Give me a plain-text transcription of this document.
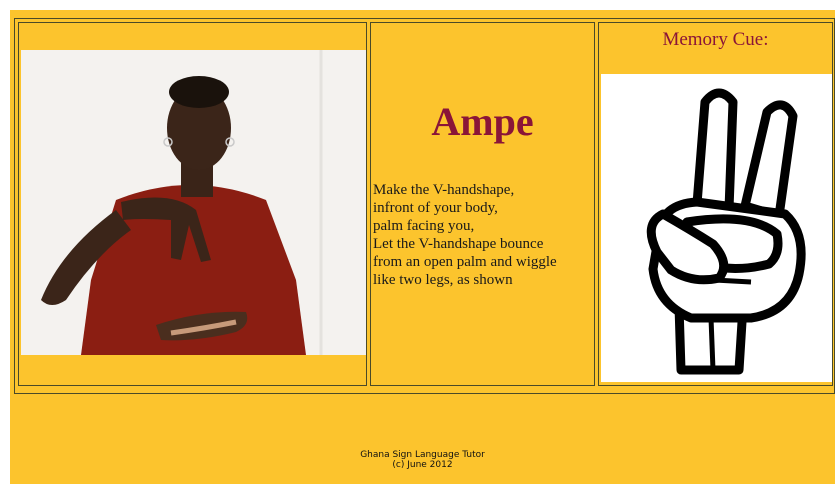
Ampe
Make the V-handshape,
infront of your body,
palm facing you,
Let the V-handshape bounce
from an open palm and wiggle
like two legs, as shown
Memory Cue:
Ghana Sign Language Tutor
(c) June 2012
